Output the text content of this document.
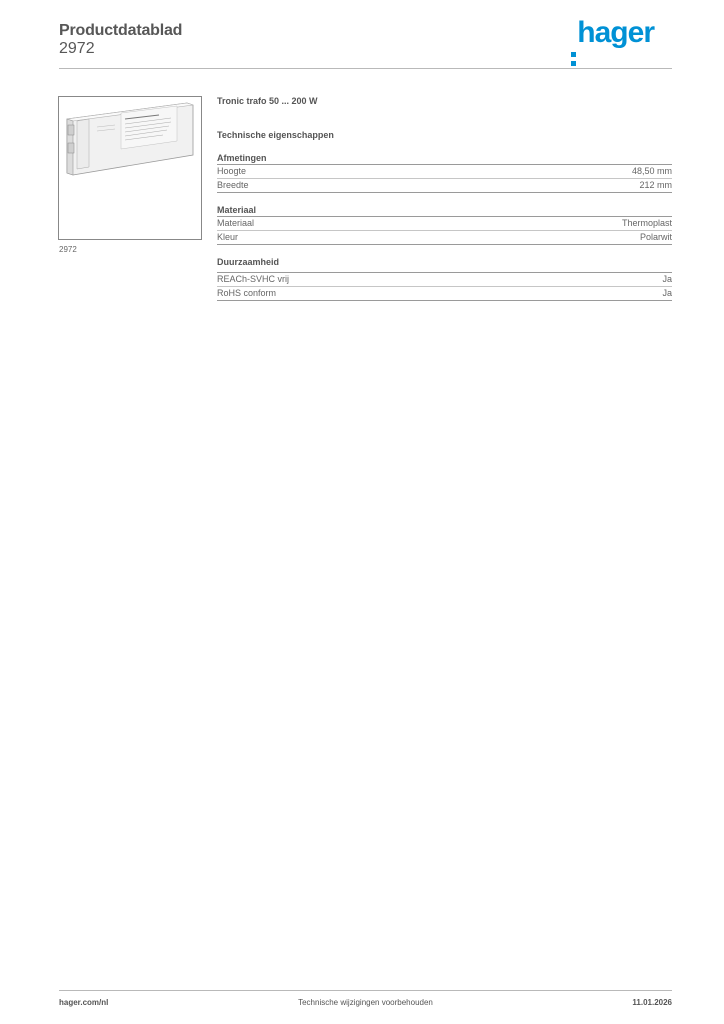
Productdatablad
2972	hager
2972
Tronic trafo 50 ... 200 W
Technische eigenschappen
Afmetingen
Hoogte	48,50 mm
Breedte	212 mm
Materiaal
Materiaal	Thermoplast
Kleur	Polarwit
Duurzaamheid
REACh-SVHC vrij	Ja
RoHS conform	Ja
hager.com/nl	Technische wijzigingen voorbehouden	11.01.2026
